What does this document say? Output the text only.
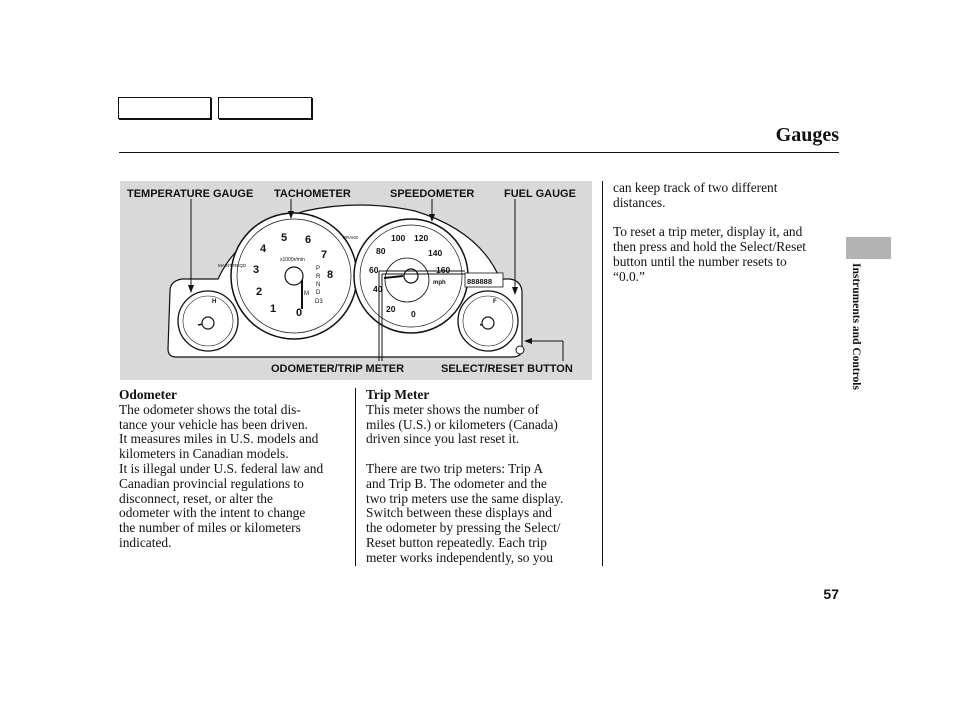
Gauges
TEMPERATURE GAUGE TACHOMETER	SPEEDOMETER	FUEL GAUGE
ODOMETER/TRIP METER	SELECT/RESET BUTTON
0
1
2
3
4
5 6
7
8
0
20
40
60
80
100 120
140
160
x1000r/min
mph
P
R
N
D
M
D3
BRAKE
MAINT REQD
H	F
888888

Odometer

The odometer shows the total dis-

tance your vehicle has been driven.

It measures miles in U.S. models and

kilometers in Canadian models.

It is illegal under U.S. federal law and

Canadian provincial regulations to

disconnect, reset, or alter the

odometer with the intent to change

the number of miles or kilometers

indicated.

Trip Meter

This meter shows the number of

miles (U.S.) or kilometers (Canada)

driven since you last reset it.

There are two trip meters: Trip A

and Trip B. The odometer and the

two trip meters use the same display.

Switch between these displays and

the odometer by pressing the Select/

Reset button repeatedly. Each trip

meter works independently, so you

can keep track of two different

distances.

To reset a trip meter, display it, and

then press and hold the Select/Reset

button until the number resets to

“0.0.”	Instruments and Controls
57
